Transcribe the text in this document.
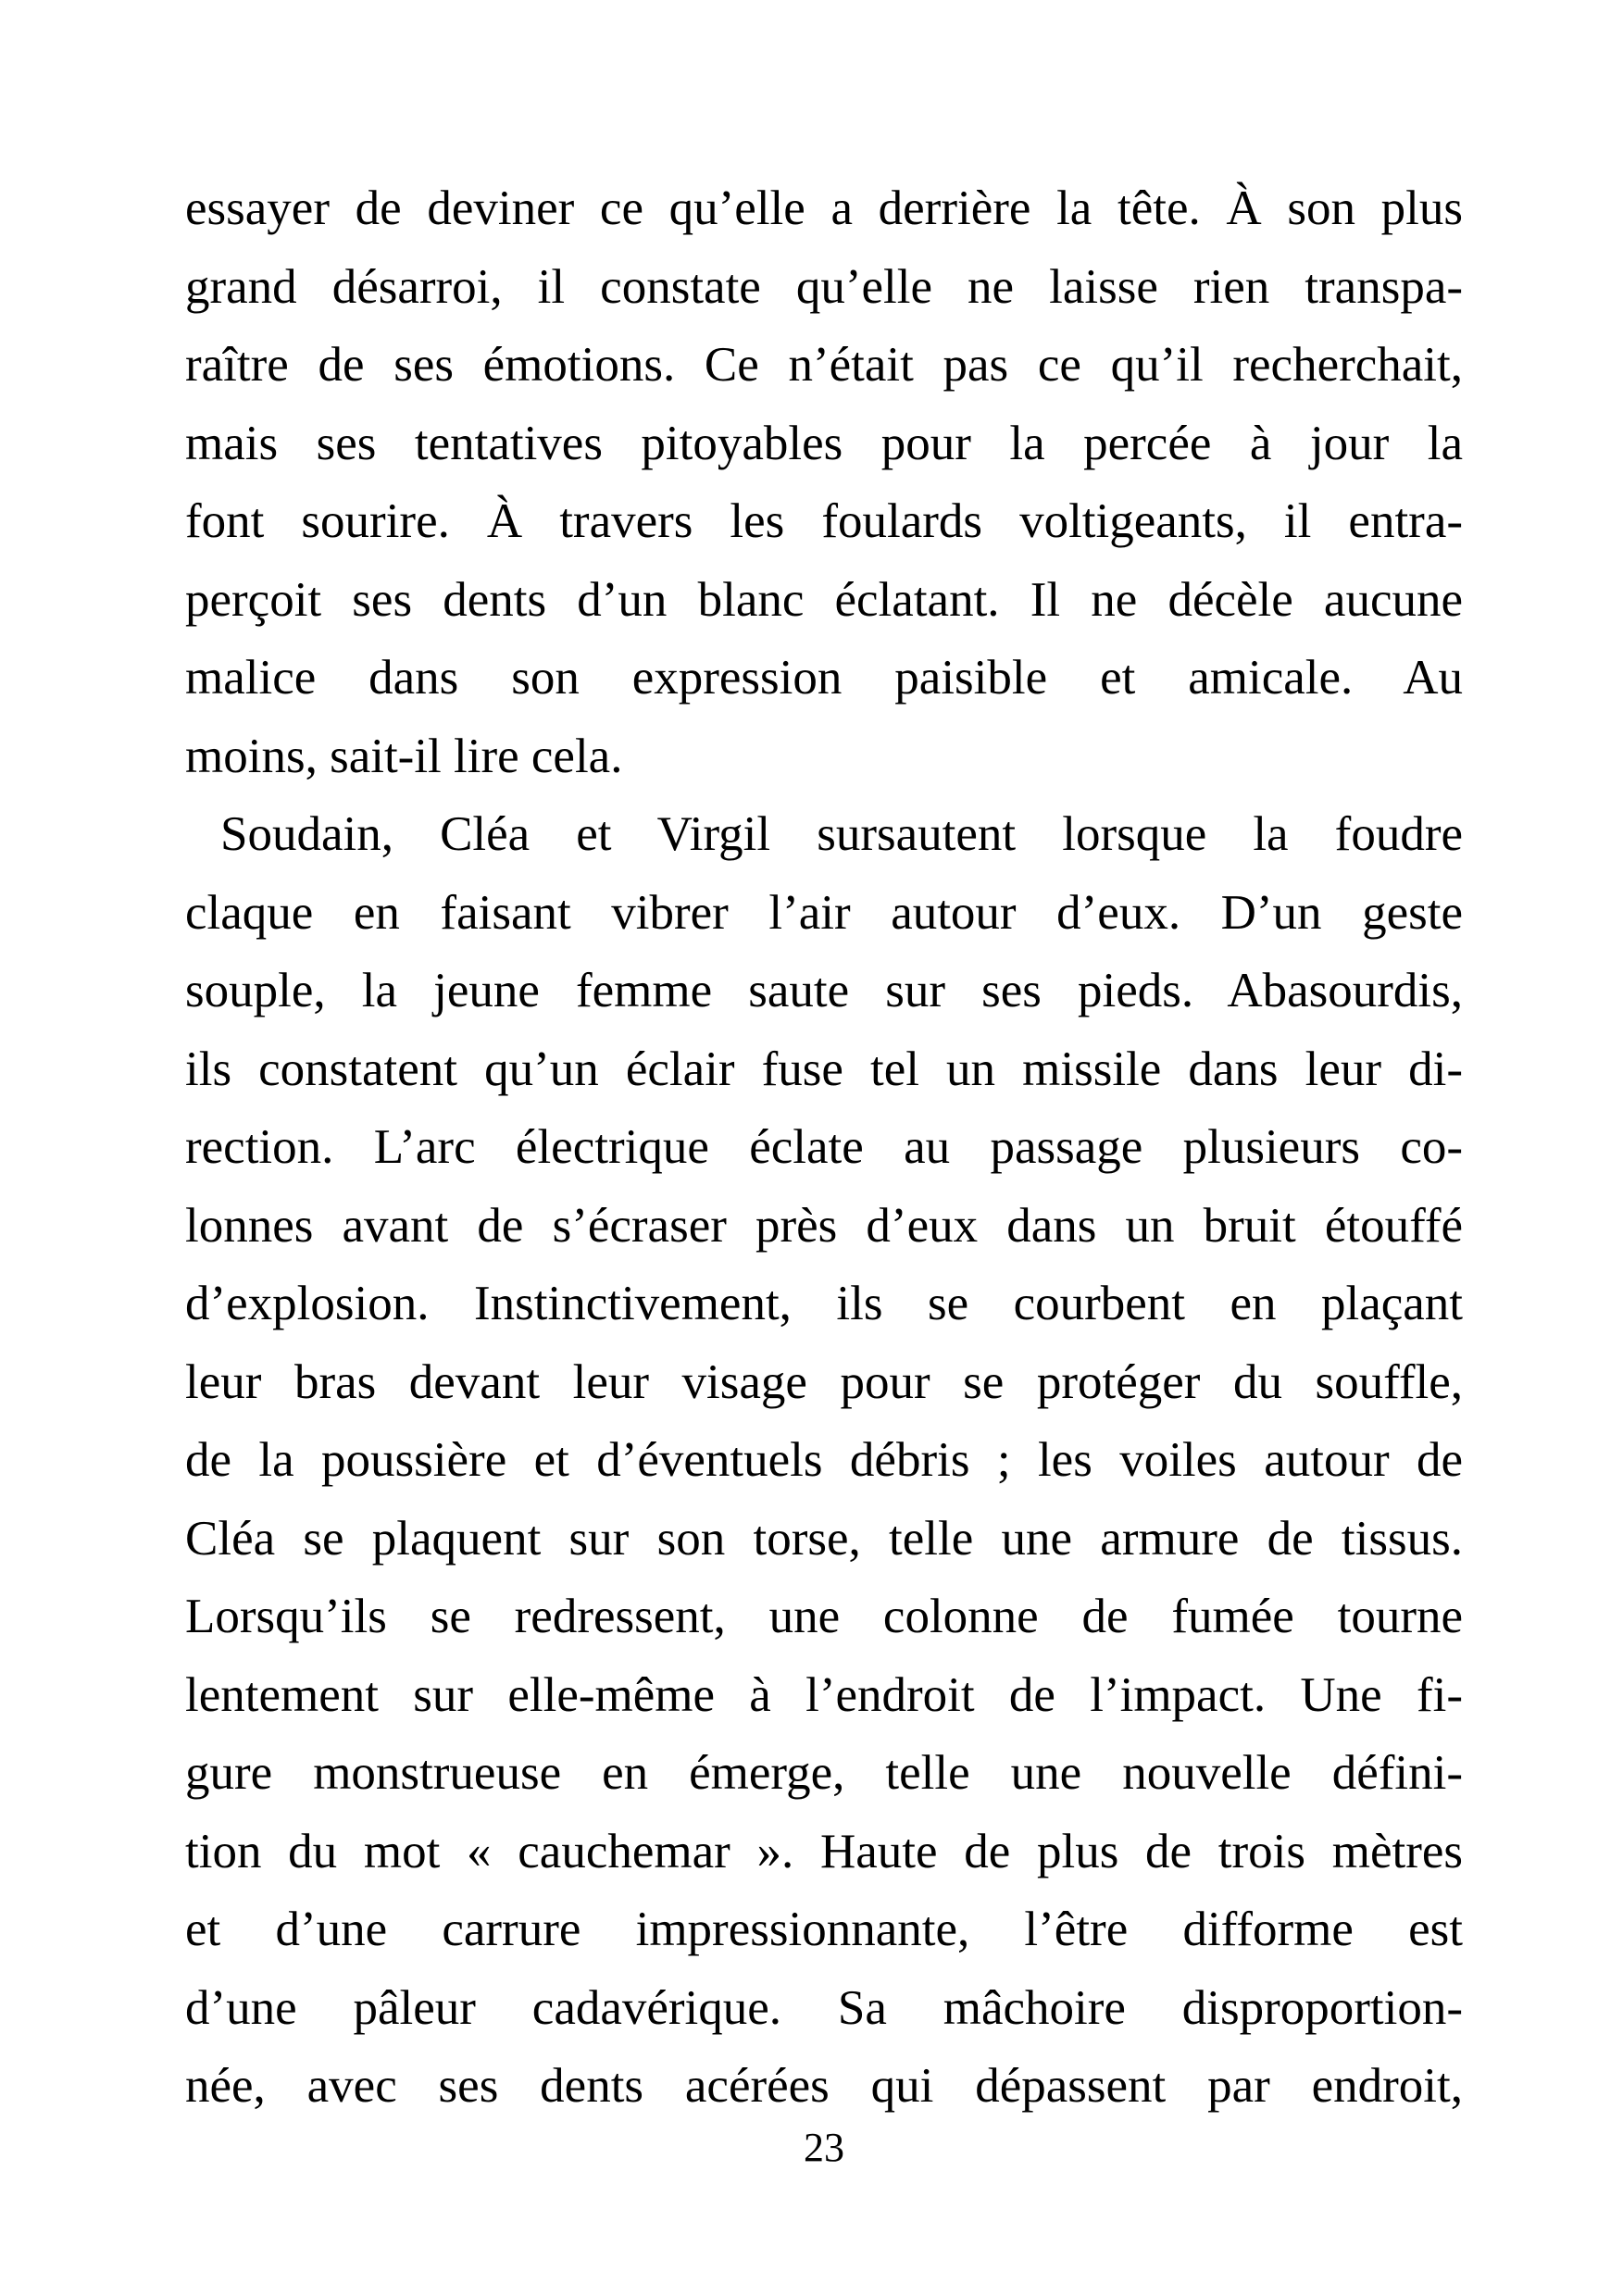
essayer de deviner ce qu’elle a derrière la tête. À son plus
grand désarroi, il constate qu’elle ne laisse rien transpa-
raître de ses émotions. Ce n’était pas ce qu’il recherchait,
mais ses tentatives pitoyables pour la percée à jour la
font sourire. À travers les foulards voltigeants, il entra-
perçoit ses dents d’un blanc éclatant. Il ne décèle aucune
malice dans son expression paisible et amicale. Au
moins, sait-il lire cela.
Soudain, Cléa et Virgil sursautent lorsque la foudre
claque en faisant vibrer l’air autour d’eux. D’un geste
souple, la jeune femme saute sur ses pieds. Abasourdis,
ils constatent qu’un éclair fuse tel un missile dans leur di-
rection. L’arc électrique éclate au passage plusieurs co-
lonnes avant de s’écraser près d’eux dans un bruit étouffé
d’explosion. Instinctivement, ils se courbent en plaçant
leur bras devant leur visage pour se protéger du souffle,
de la poussière et d’éventuels débris ; les voiles autour de
Cléa se plaquent sur son torse, telle une armure de tissus.
Lorsqu’ils se redressent, une colonne de fumée tourne
lentement sur elle-même à l’endroit de l’impact. Une fi-
gure monstrueuse en émerge, telle une nouvelle défini-
tion du mot « cauchemar ». Haute de plus de trois mètres
et d’une carrure impressionnante, l’être difforme est
d’une pâleur cadavérique. Sa mâchoire disproportion-
née, avec ses dents acérées qui dépassent par endroit,
23
